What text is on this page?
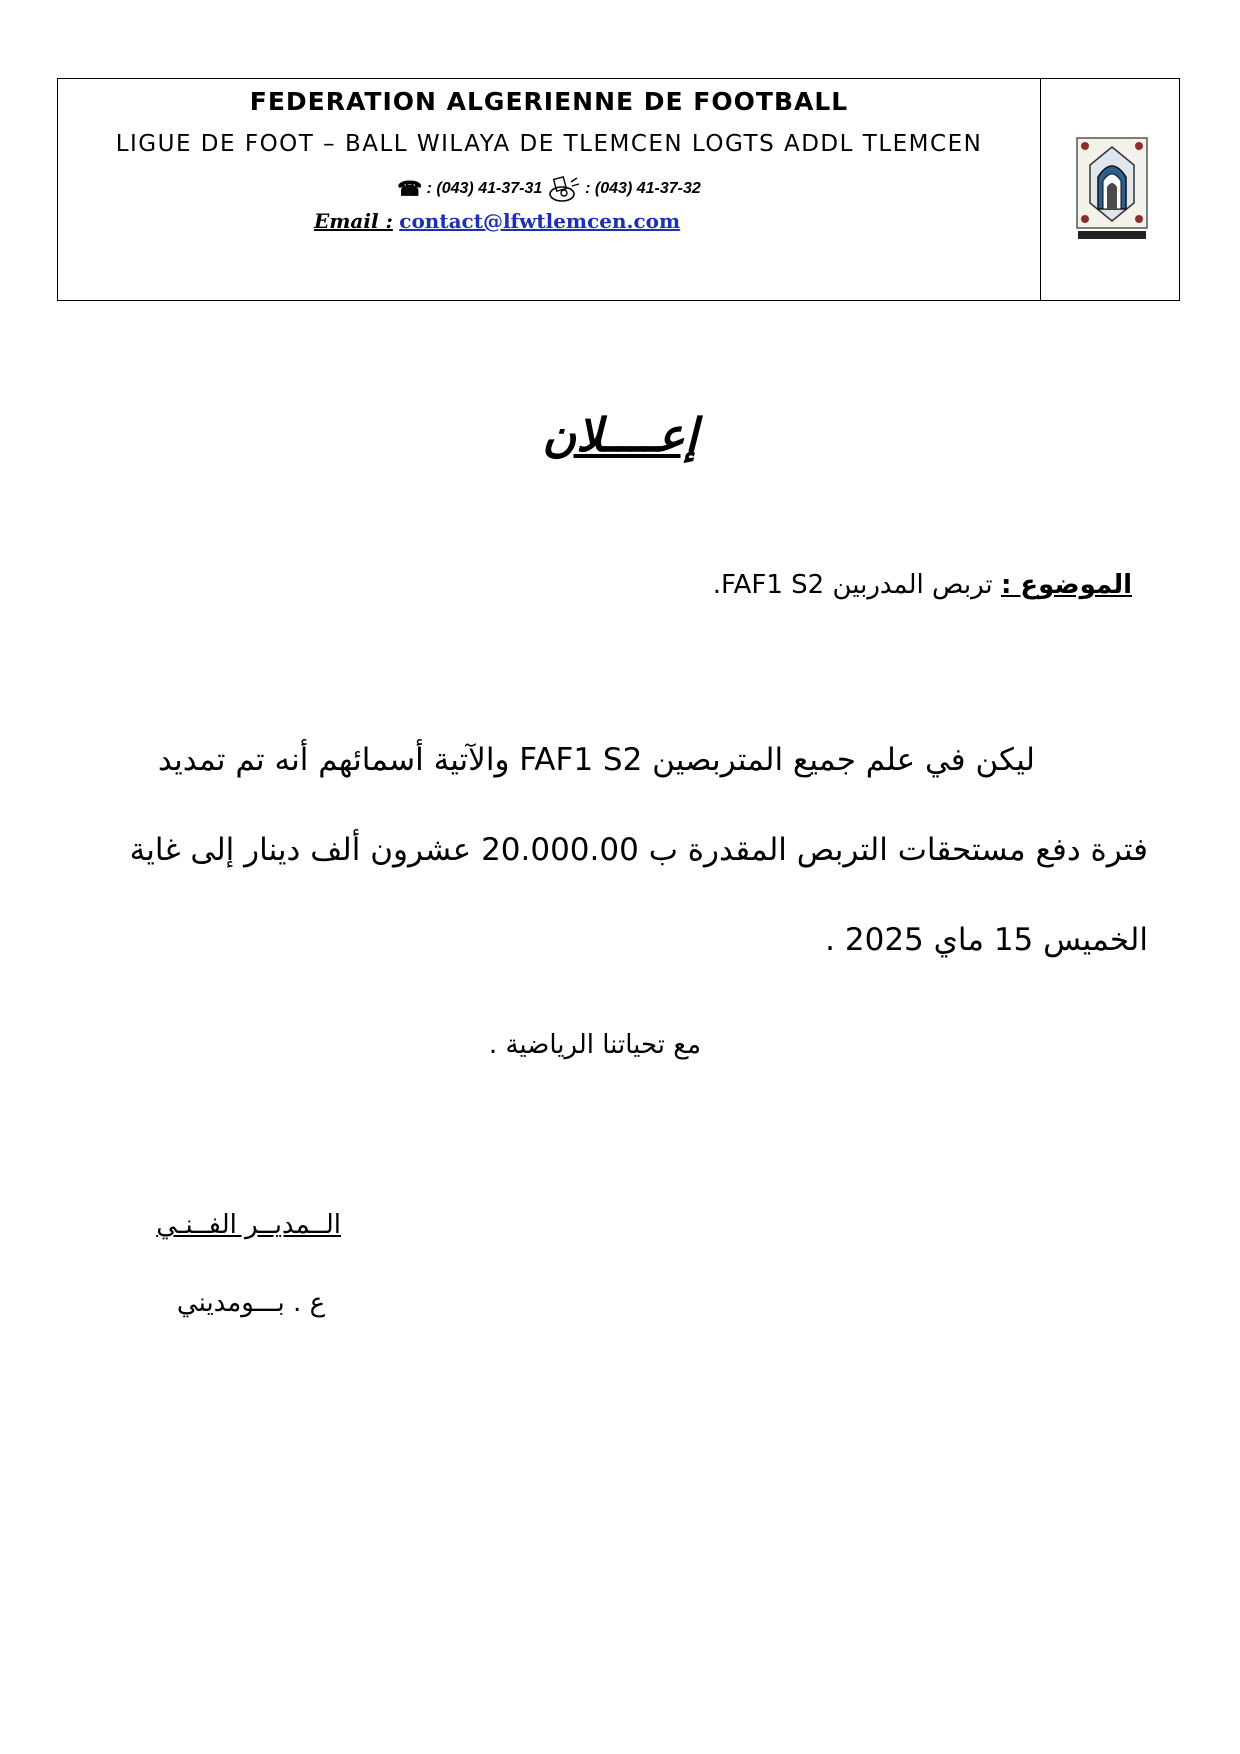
FEDERATION ALGERIENNE DE FOOTBALL
LIGUE DE FOOT – BALL WILAYA DE TLEMCEN LOGTS ADDL TLEMCEN
☎ : (043) 41-37-31	: (043) 41-37-32
Email : contact@lfwtlemcen.com
إعــــلان
الموضوع : تربص المدربين FAF1 S2.
ليكن في علم جميع المتربصين FAF1 S2 والآتية أسمائهم أنه تم تمديد
فترة دفع مستحقات التربص المقدرة ب 20.000.00 عشرون ألف دينار إلى غاية
الخميس 15 ماي 2025 .
مع تحياتنا الرياضية .
الــمديــر الفــنـي
ع . بـــومديني
